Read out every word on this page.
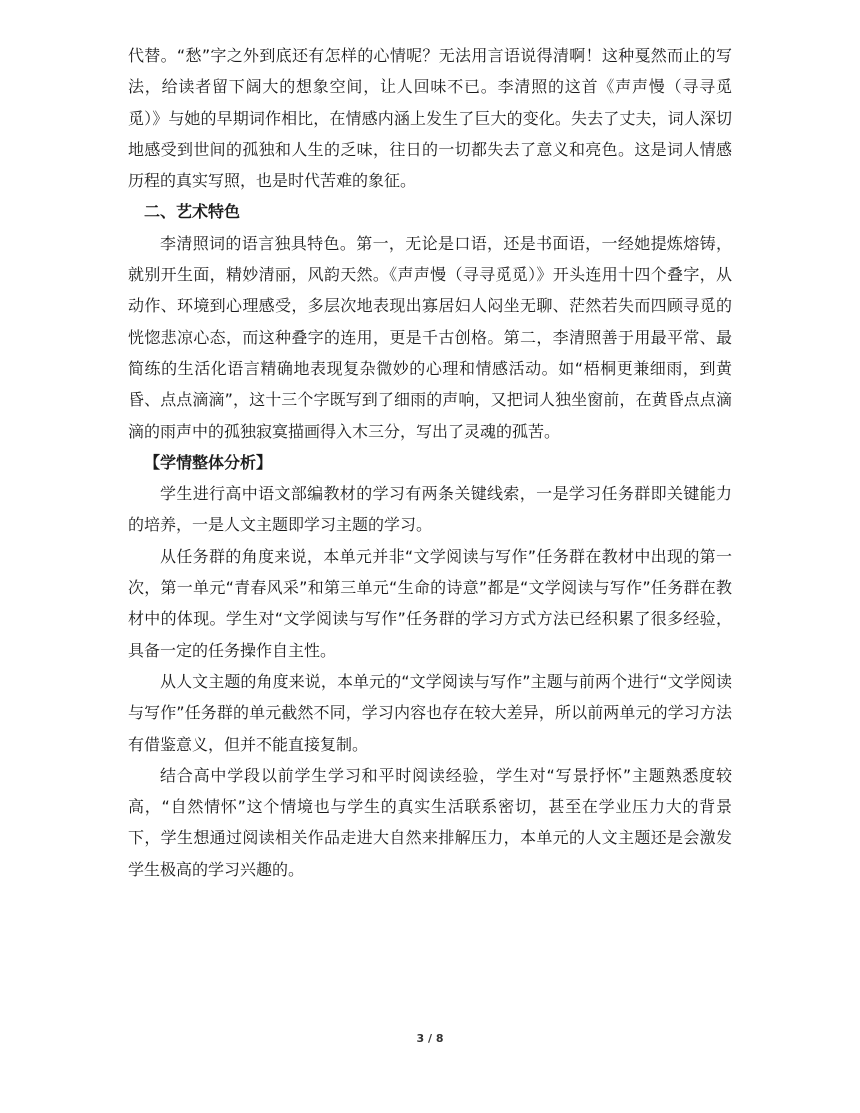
代替。“愁”字之外到底还有怎样的心情呢？无法用言语说得清啊！这种戛然而止的写法，给读者留下阔大的想象空间，让人回味不已。李清照的这首《声声慢（寻寻觅觅）》与她的早期词作相比，在情感内涵上发生了巨大的变化。失去了丈夫，词人深切地感受到世间的孤独和人生的乏味，往日的一切都失去了意义和亮色。这是词人情感历程的真实写照，也是时代苦难的象征。

二、艺术特色

李清照词的语言独具特色。第一，无论是口语，还是书面语，一经她提炼熔铸，就别开生面，精妙清丽，风韵天然。《声声慢（寻寻觅觅）》开头连用十四个叠字，从动作、环境到心理感受，多层次地表现出寡居妇人闷坐无聊、茫然若失而四顾寻觅的恍惚悲凉心态，而这种叠字的连用，更是千古创格。第二，李清照善于用最平常、最简练的生活化语言精确地表现复杂微妙的心理和情感活动。如“梧桐更兼细雨，到黄昏、点点滴滴”，这十三个字既写到了细雨的声响，又把词人独坐窗前，在黄昏点点滴滴的雨声中的孤独寂寞描画得入木三分，写出了灵魂的孤苦。

【学情整体分析】

学生进行高中语文部编教材的学习有两条关键线索，一是学习任务群即关键能力的培养，一是人文主题即学习主题的学习。

从任务群的角度来说，本单元并非“文学阅读与写作”任务群在教材中出现的第一次，第一单元“青春风采”和第三单元“生命的诗意”都是“文学阅读与写作”任务群在教材中的体现。学生对“文学阅读与写作”任务群的学习方式方法已经积累了很多经验，具备一定的任务操作自主性。

从人文主题的角度来说，本单元的“文学阅读与写作”主题与前两个进行“文学阅读与写作”任务群的单元截然不同，学习内容也存在较大差异，所以前两单元的学习方法有借鉴意义，但并不能直接复制。

结合高中学段以前学生学习和平时阅读经验，学生对“写景抒怀”主题熟悉度较高，“自然情怀”这个情境也与学生的真实生活联系密切，甚至在学业压力大的背景下，学生想通过阅读相关作品走进大自然来排解压力，本单元的人文主题还是会激发学生极高的学习兴趣的。

3 / 8
